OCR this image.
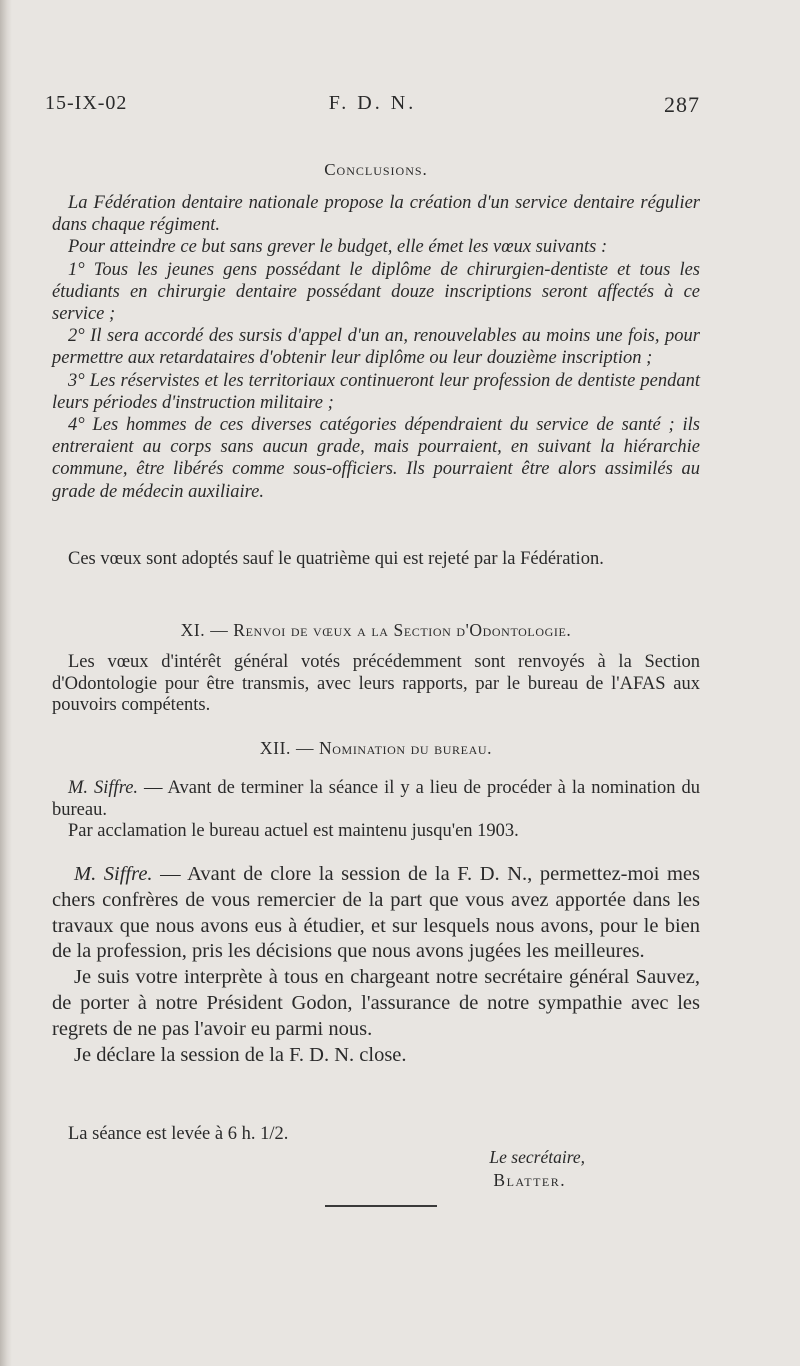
15-IX-02	F. D. N.	287
Conclusions.

La Fédération dentaire nationale propose la création d'un service dentaire régulier dans chaque régiment.

Pour atteindre ce but sans grever le budget, elle émet les vœux suivants :

1° Tous les jeunes gens possédant le diplôme de chirurgien-dentiste et tous les étudiants en chirurgie dentaire possédant douze inscriptions seront affectés à ce service ;

2° Il sera accordé des sursis d'appel d'un an, renouvelables au moins une fois, pour permettre aux retardataires d'obtenir leur diplôme ou leur douzième inscription ;

3° Les réservistes et les territoriaux continueront leur profession de dentiste pendant leurs périodes d'instruction militaire ;

4° Les hommes de ces diverses catégories dépendraient du service de santé ; ils entreraient au corps sans aucun grade, mais pourraient, en suivant la hiérarchie commune, être libérés comme sous-officiers. Ils pourraient être alors assimilés au grade de médecin auxiliaire.

Ces vœux sont adoptés sauf le quatrième qui est rejeté par la Fédération.

XI. — Renvoi de vœux a la Section d'Odontologie.

Les vœux d'intérêt général votés précédemment sont renvoyés à la Section d'Odontologie pour être transmis, avec leurs rapports, par le bureau de l'AFAS aux pouvoirs compétents.

XII. — Nomination du bureau.

M. Siffre. — Avant de terminer la séance il y a lieu de procéder à la nomination du bureau.

Par acclamation le bureau actuel est maintenu jusqu'en 1903.

M. Siffre. — Avant de clore la session de la F. D. N., permettez-moi mes chers confrères de vous remercier de la part que vous avez apportée dans les travaux que nous avons eus à étudier, et sur lesquels nous avons, pour le bien de la profession, pris les décisions que nous avons jugées les meilleures.

Je suis votre interprète à tous en chargeant notre secrétaire général Sauvez, de porter à notre Président Godon, l'assurance de notre sympathie avec les regrets de ne pas l'avoir eu parmi nous.

Je déclare la session de la F. D. N. close.

La séance est levée à 6 h. 1/2.

Le secrétaire,
Blatter.
